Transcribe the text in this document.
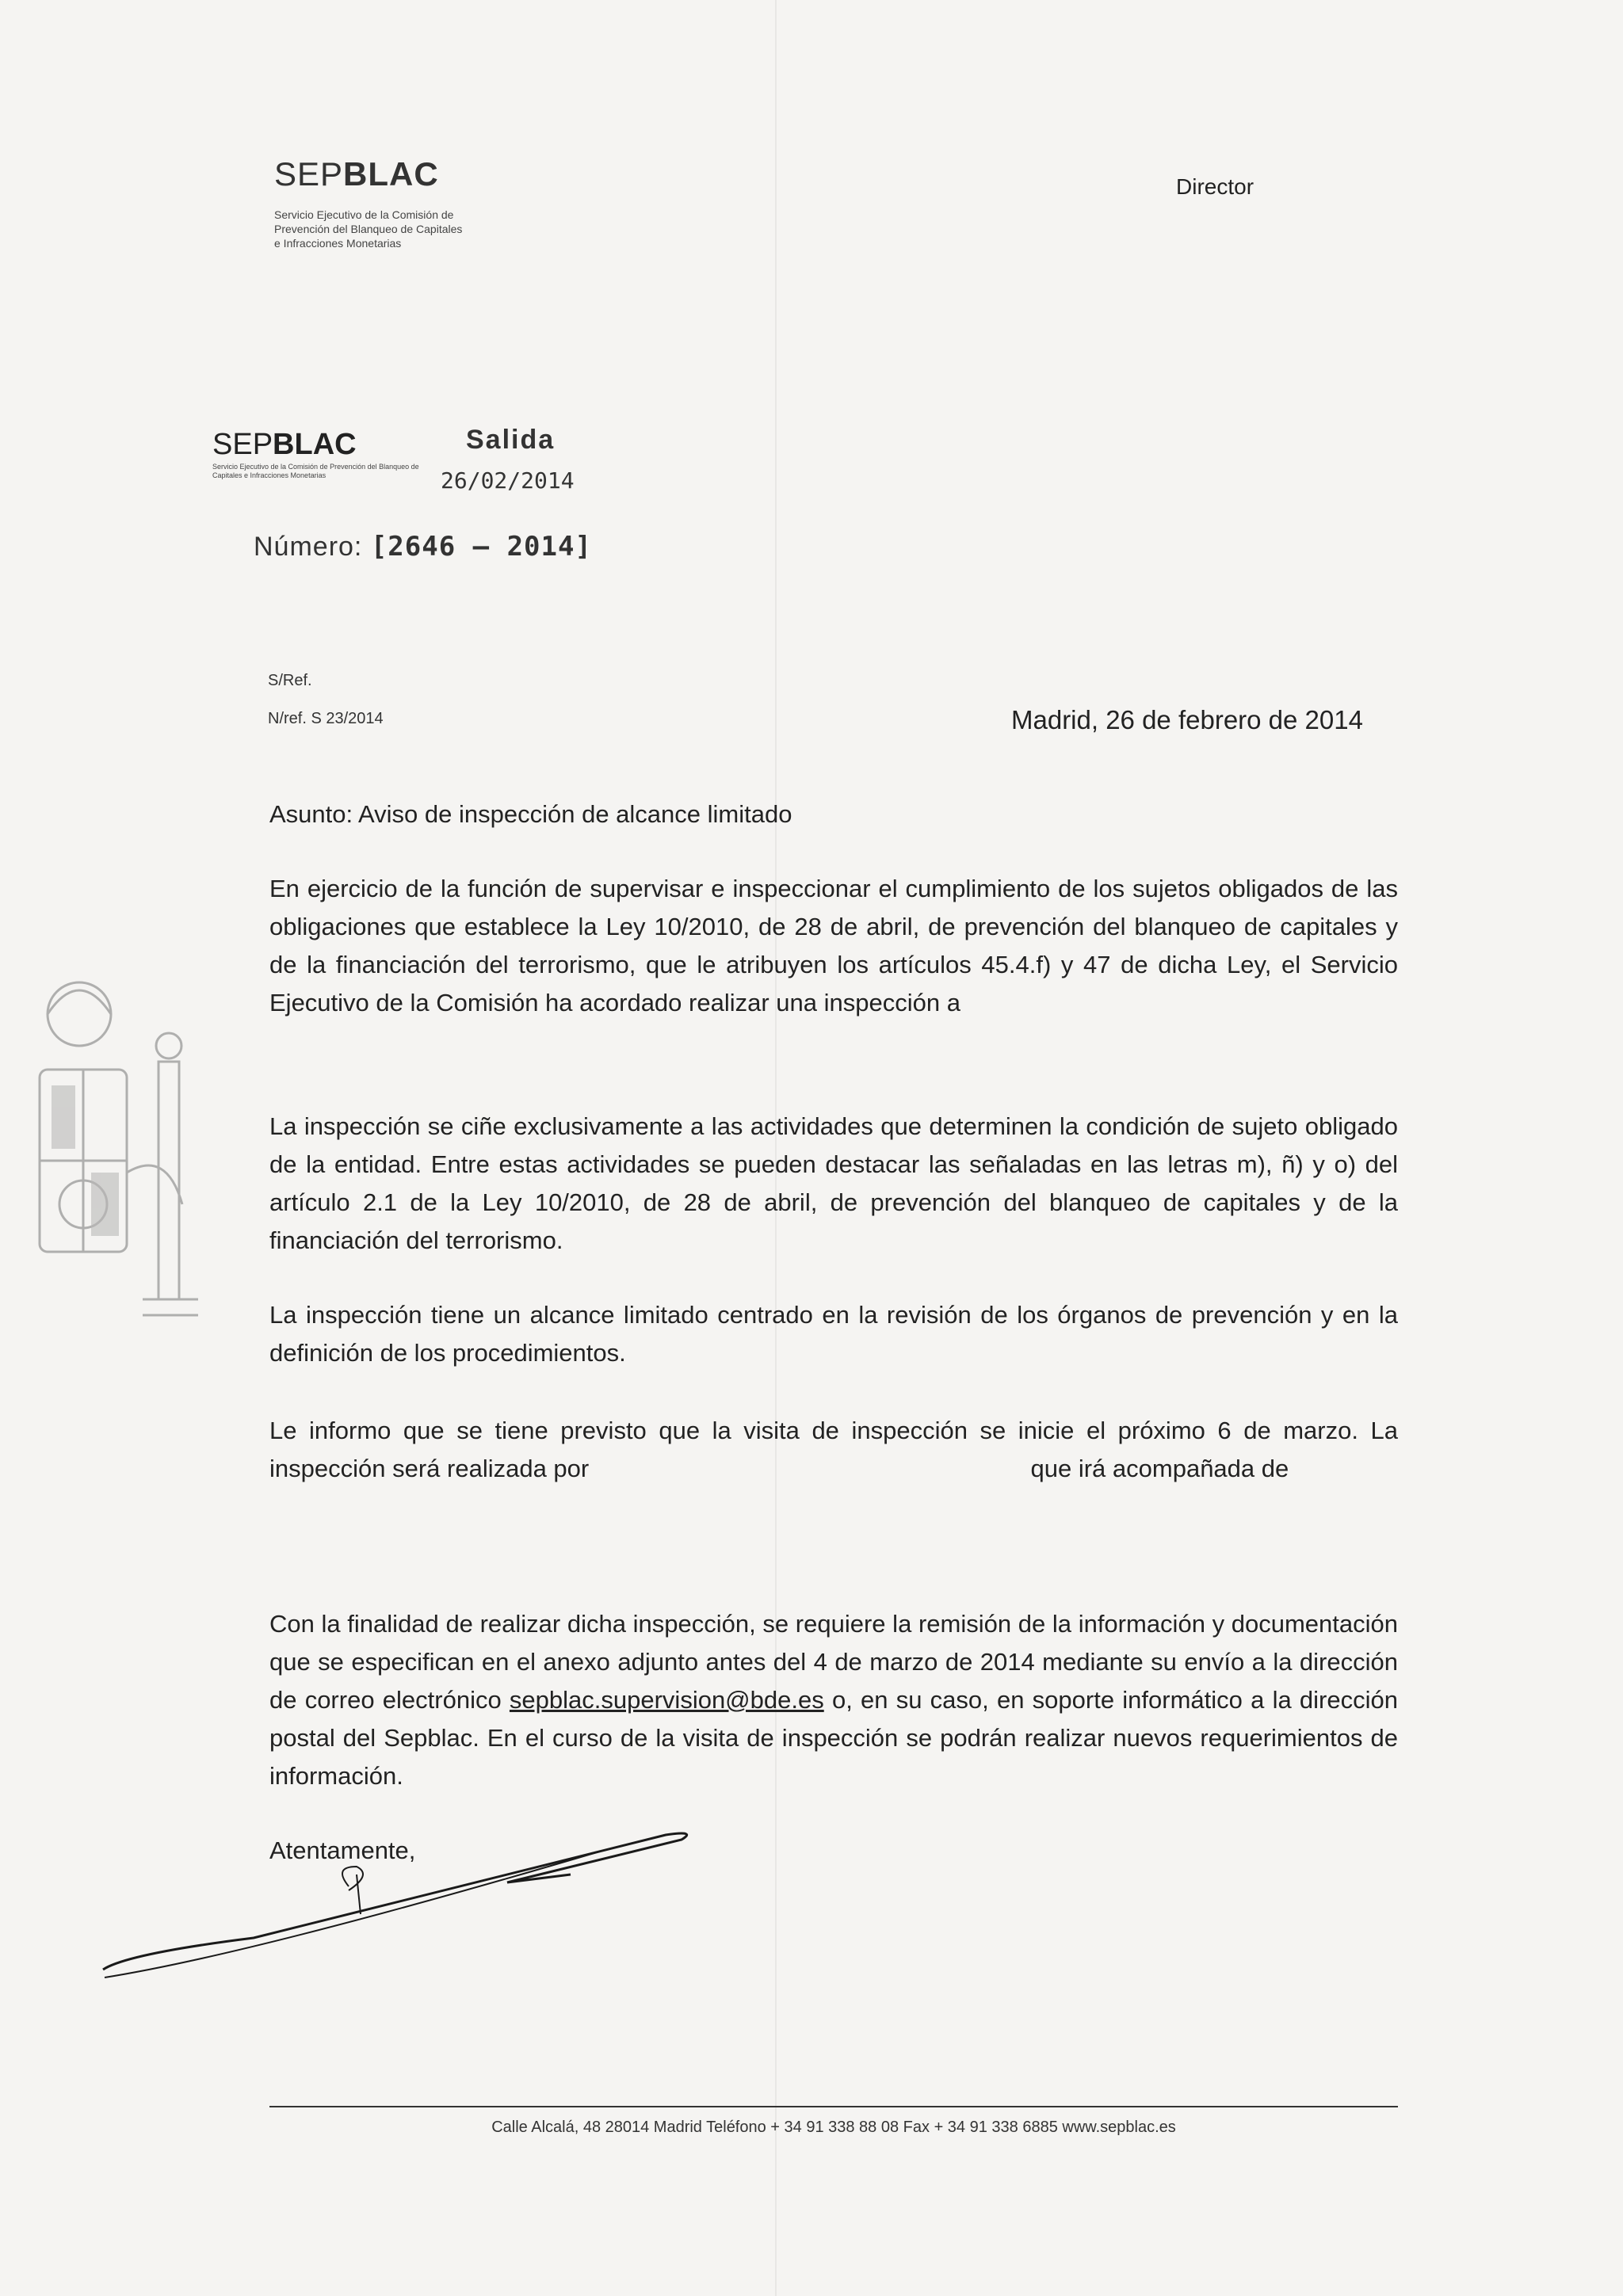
SEPBLAC
Servicio Ejecutivo de la Comisión de
Prevención del Blanqueo de Capitales
e Infracciones Monetarias
Director
SEPBLAC
Servicio Ejecutivo de la Comisión de Prevención del Blanqueo de Capitales e Infracciones Monetarias
Salida
26/02/2014
Número: [2646 – 2014]
S/Ref.
N/ref. S 23/2014	Madrid, 26 de febrero de 2014
Asunto: Aviso de inspección de alcance limitado
En ejercicio de la función de supervisar e inspeccionar el cumplimiento de los sujetos obligados de las obligaciones que establece la Ley 10/2010, de 28 de abril, de prevención del blanqueo de capitales y de la financiación del terrorismo, que le atribuyen los artículos 45.4.f) y 47 de dicha Ley, el Servicio Ejecutivo de la Comisión ha acordado realizar una inspección a
La inspección se ciñe exclusivamente a las actividades que determinen la condición de sujeto obligado de la entidad. Entre estas actividades se pueden destacar las señaladas en las letras m), ñ) y o) del artículo 2.1 de la Ley 10/2010, de 28 de abril, de prevención del blanqueo de capitales y de la financiación del terrorismo.
La inspección tiene un alcance limitado centrado en la revisión de los órganos de prevención y en la definición de los procedimientos.
Le informo que se tiene previsto que la visita de inspección se inicie el próximo 6 de marzo. La inspección será realizada por	que irá acompañada de
Con la finalidad de realizar dicha inspección, se requiere la remisión de la información y documentación que se especifican en el anexo adjunto antes del 4 de marzo de 2014 mediante su envío a la dirección de correo electrónico sepblac.supervision@bde.es o, en su caso, en soporte informático a la dirección postal del Sepblac. En el curso de la visita de inspección se podrán realizar nuevos requerimientos de información.
Atentamente,
Calle Alcalá, 48 28014 Madrid Teléfono + 34 91 338 88 08 Fax + 34 91 338 6885 www.sepblac.es
